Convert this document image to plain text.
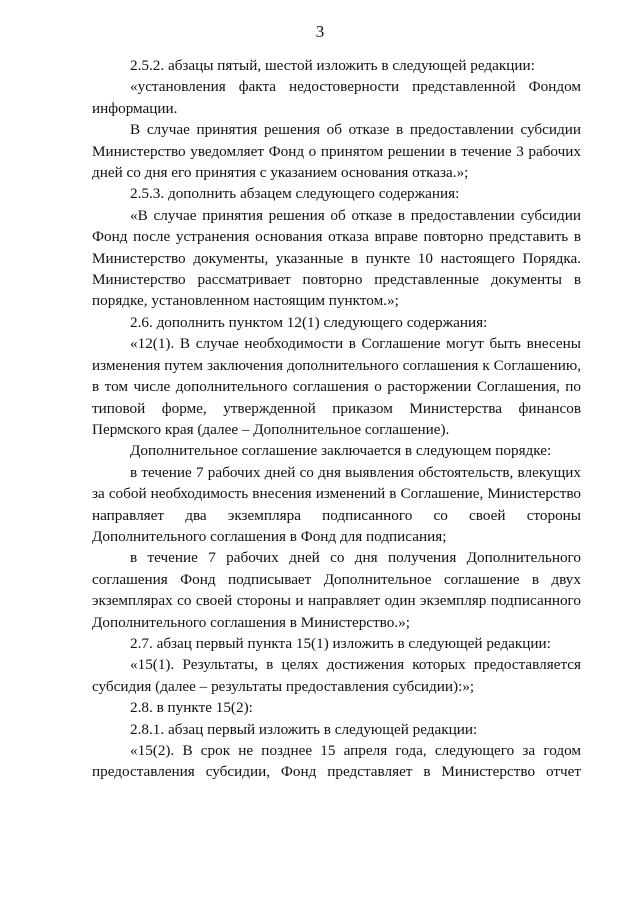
3

2.5.2. абзацы пятый, шестой изложить в следующей редакции:

«установления факта недостоверности представленной Фондом информации.

В случае принятия решения об отказе в предоставлении субсидии Министерство уведомляет Фонд о принятом решении в течение 3 рабочих дней со дня его принятия с указанием основания отказа.»;

2.5.3. дополнить абзацем следующего содержания:

«В случае принятия решения об отказе в предоставлении субсидии Фонд после устранения основания отказа вправе повторно представить в Министерство документы, указанные в пункте 10 настоящего Порядка. Министерство рассматривает повторно представленные документы в порядке, установленном настоящим пунктом.»;

2.6. дополнить пунктом 12(1) следующего содержания:

«12(1). В случае необходимости в Соглашение могут быть внесены изменения путем заключения дополнительного соглашения к Соглашению, в том числе дополнительного соглашения о расторжении Соглашения, по типовой форме, утвержденной приказом Министерства финансов Пермского края (далее – Дополнительное соглашение).

Дополнительное соглашение заключается в следующем порядке:

в течение 7 рабочих дней со дня выявления обстоятельств, влекущих за собой необходимость внесения изменений в Соглашение, Министерство направляет два экземпляра подписанного со своей стороны Дополнительного соглашения в Фонд для подписания;

в течение 7 рабочих дней со дня получения Дополнительного соглашения Фонд подписывает Дополнительное соглашение в двух экземплярах со своей стороны и направляет один экземпляр подписанного Дополнительного соглашения в Министерство.»;

2.7. абзац первый пункта 15(1) изложить в следующей редакции:

«15(1). Результаты, в целях достижения которых предоставляется субсидия (далее – результаты предоставления субсидии):»;

2.8. в пункте 15(2):

2.8.1. абзац первый изложить в следующей редакции:

«15(2). В срок не позднее 15 апреля года, следующего за годом предоставления субсидии, Фонд представляет в Министерство отчет
